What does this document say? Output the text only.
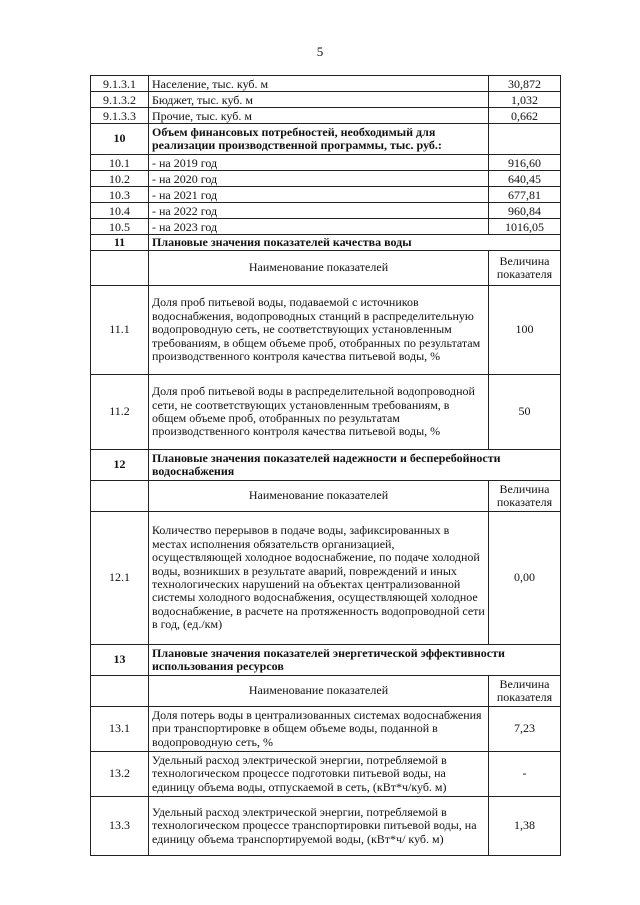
5
9.1.3.1	Население, тыс. куб. м	30,872
9.1.3.2	Бюджет, тыс. куб. м	1,032
9.1.3.3	Прочие, тыс. куб. м	0,662
10	Объем финансовых потребностей, необходимый для реализации производственной программы, тыс. руб.:	
10.1	- на 2019 год	916,60
10.2	- на 2020 год	640,45
10.3	- на 2021 год	677,81
10.4	- на 2022 год	960,84
10.5	- на 2023 год	1016,05
11	Плановые значения показателей качества воды	
	Наименование показателей	Величина показателя
11.1	Доля проб питьевой воды, подаваемой с источников водоснабжения, водопроводных станций в распределительную водопроводную сеть, не соответствующих установленным требованиям, в общем объеме проб, отобранных по результатам производственного контроля качества питьевой воды, %	100
11.2	Доля проб питьевой воды в распределительной водопроводной сети, не соответствующих установленным требованиям, в общем объеме проб, отобранных по результатам производственного контроля качества питьевой воды, %	50
12	Плановые значения показателей надежности и бесперебойности водоснабжения	
	Наименование показателей	Величина показателя
12.1	Количество перерывов в подаче воды, зафиксированных в местах исполнения обязательств организацией, осуществляющей холодное водоснабжение, по подаче холодной воды, возникших в результате аварий, повреждений и иных технологических нарушений на объектах централизованной системы холодного водоснабжения, осуществляющей холодное водоснабжение, в расчете на протяженность водопроводной сети в год, (ед./км)	0,00
13	Плановые значения показателей энергетической эффективности использования ресурсов	
	Наименование показателей	Величина показателя
13.1	Доля потерь воды в централизованных системах водоснабжения при транспортировке в общем объеме воды, поданной в водопроводную сеть, %	7,23
13.2	Удельный расход электрической энергии, потребляемой в технологическом процессе подготовки питьевой воды, на единицу объема воды, отпускаемой в сеть, (кВт*ч/куб. м)	-
13.3	Удельный расход электрической энергии, потребляемой в технологическом процессе транспортировки питьевой воды, на единицу объема транспортируемой воды, (кВт*ч/ куб. м)	1,38
